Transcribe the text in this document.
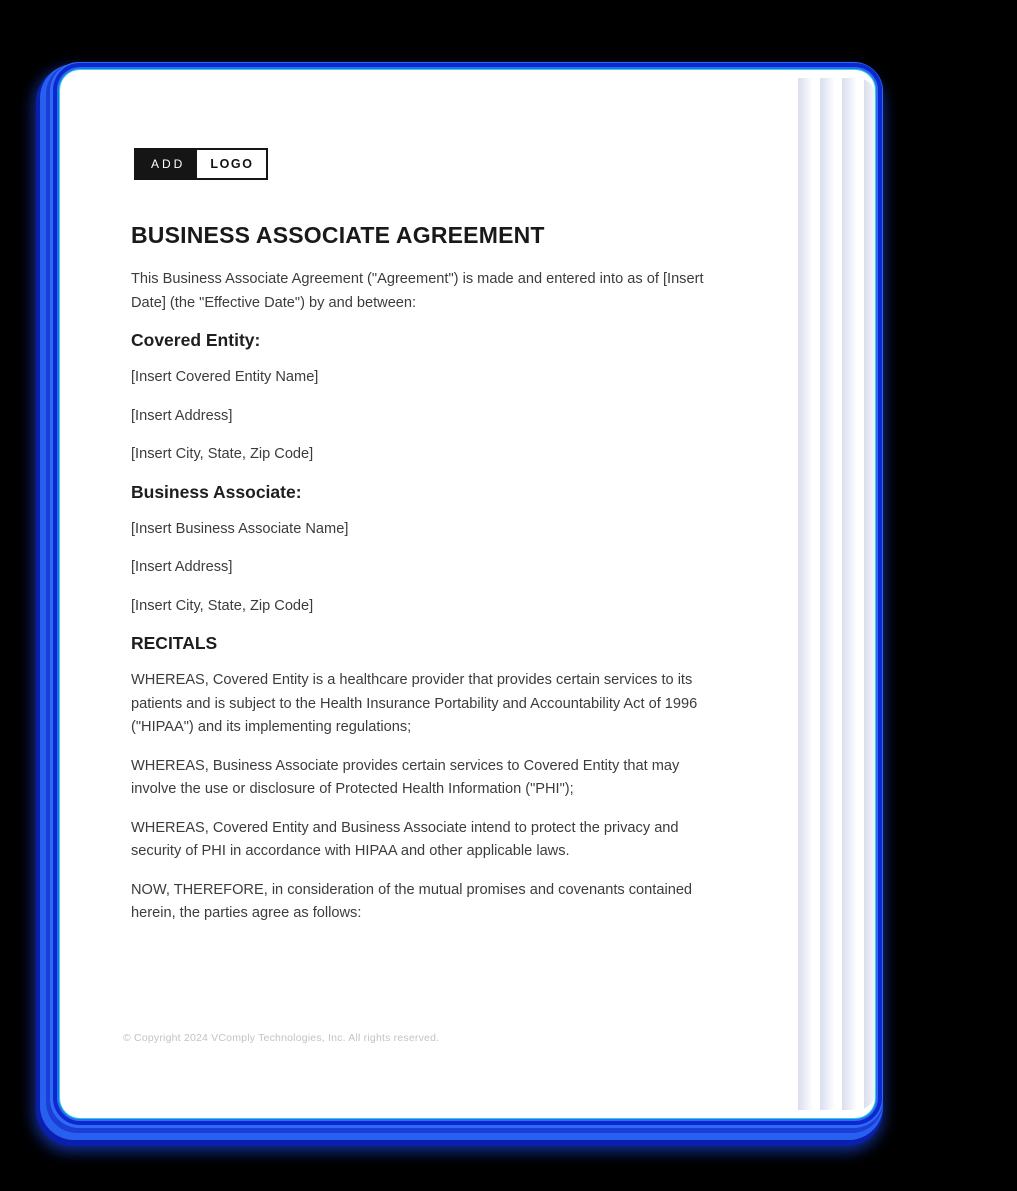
ADD	LOGO
BUSINESS ASSOCIATE AGREEMENT

This Business Associate Agreement ("Agreement") is made and entered into as of [Insert Date] (the "Effective Date") by and between:

Covered Entity:

[Insert Covered Entity Name]

[Insert Address]

[Insert City, State, Zip Code]

Business Associate:

[Insert Business Associate Name]

[Insert Address]

[Insert City, State, Zip Code]

RECITALS

WHEREAS, Covered Entity is a healthcare provider that provides certain services to its patients and is subject to the Health Insurance Portability and Accountability Act of 1996 ("HIPAA") and its implementing regulations;

WHEREAS, Business Associate provides certain services to Covered Entity that may involve the use or disclosure of Protected Health Information ("PHI");

WHEREAS, Covered Entity and Business Associate intend to protect the privacy and security of PHI in accordance with HIPAA and other applicable laws.

NOW, THEREFORE, in consideration of the mutual promises and covenants contained herein, the parties agree as follows:

© Copyright 2024 VComply Technologies, Inc. All rights reserved.
